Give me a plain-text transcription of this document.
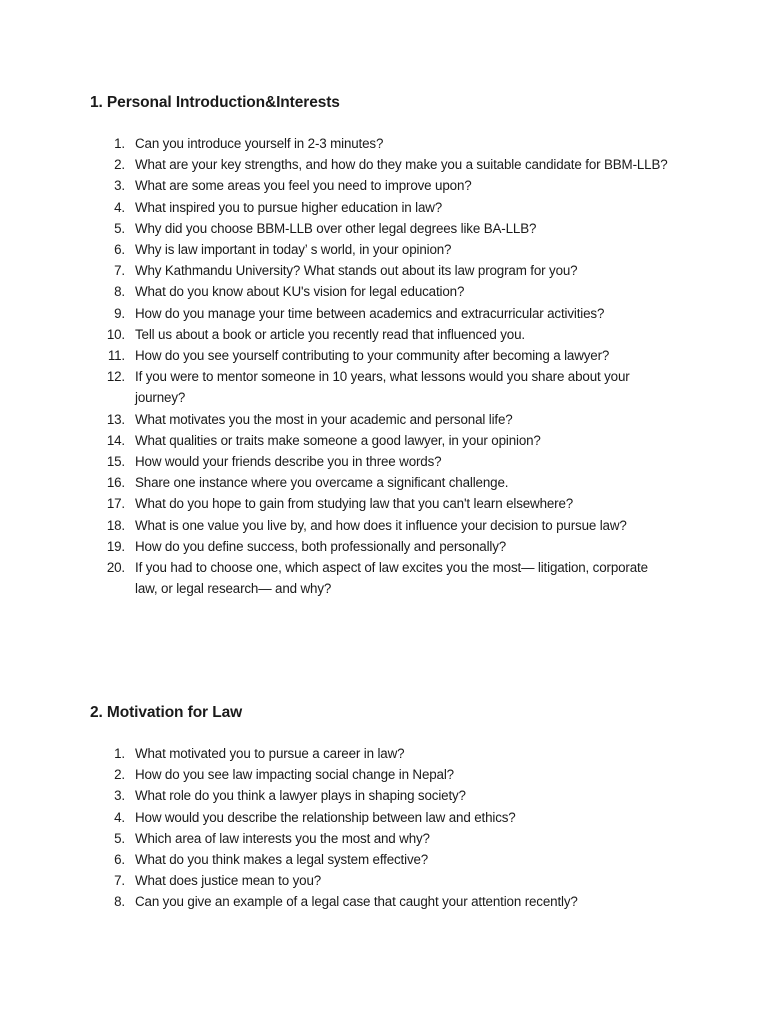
1. Personal Introduction&Interests
1. Can you introduce yourself in 2-3 minutes?
2. What are your key strengths, and how do they make you a suitable candidate for BBM-LLB?
3. What are some areas you feel you need to improve upon?
4. What inspired you to pursue higher education in law?
5. Why did you choose BBM-LLB over other legal degrees like BA-LLB?
6. Why is law important in today’ s world, in your opinion?
7. Why Kathmandu University? What stands out about its law program for you?
8. What do you know about KU's vision for legal education?
9. How do you manage your time between academics and extracurricular activities?
10. Tell us about a book or article you recently read that influenced you.
11. How do you see yourself contributing to your community after becoming a lawyer?
12. If you were to mentor someone in 10 years, what lessons would you share about your journey?
13. What motivates you the most in your academic and personal life?
14. What qualities or traits make someone a good lawyer, in your opinion?
15. How would your friends describe you in three words?
16. Share one instance where you overcame a significant challenge.
17. What do you hope to gain from studying law that you can't learn elsewhere?
18. What is one value you live by, and how does it influence your decision to pursue law?
19. How do you define success, both professionally and personally?
20. If you had to choose one, which aspect of law excites you the most— litigation, corporate law, or legal research— and why?
2. Motivation for Law
1. What motivated you to pursue a career in law?
2. How do you see law impacting social change in Nepal?
3. What role do you think a lawyer plays in shaping society?
4. How would you describe the relationship between law and ethics?
5. Which area of law interests you the most and why?
6. What do you think makes a legal system effective?
7. What does justice mean to you?
8. Can you give an example of a legal case that caught your attention recently?
